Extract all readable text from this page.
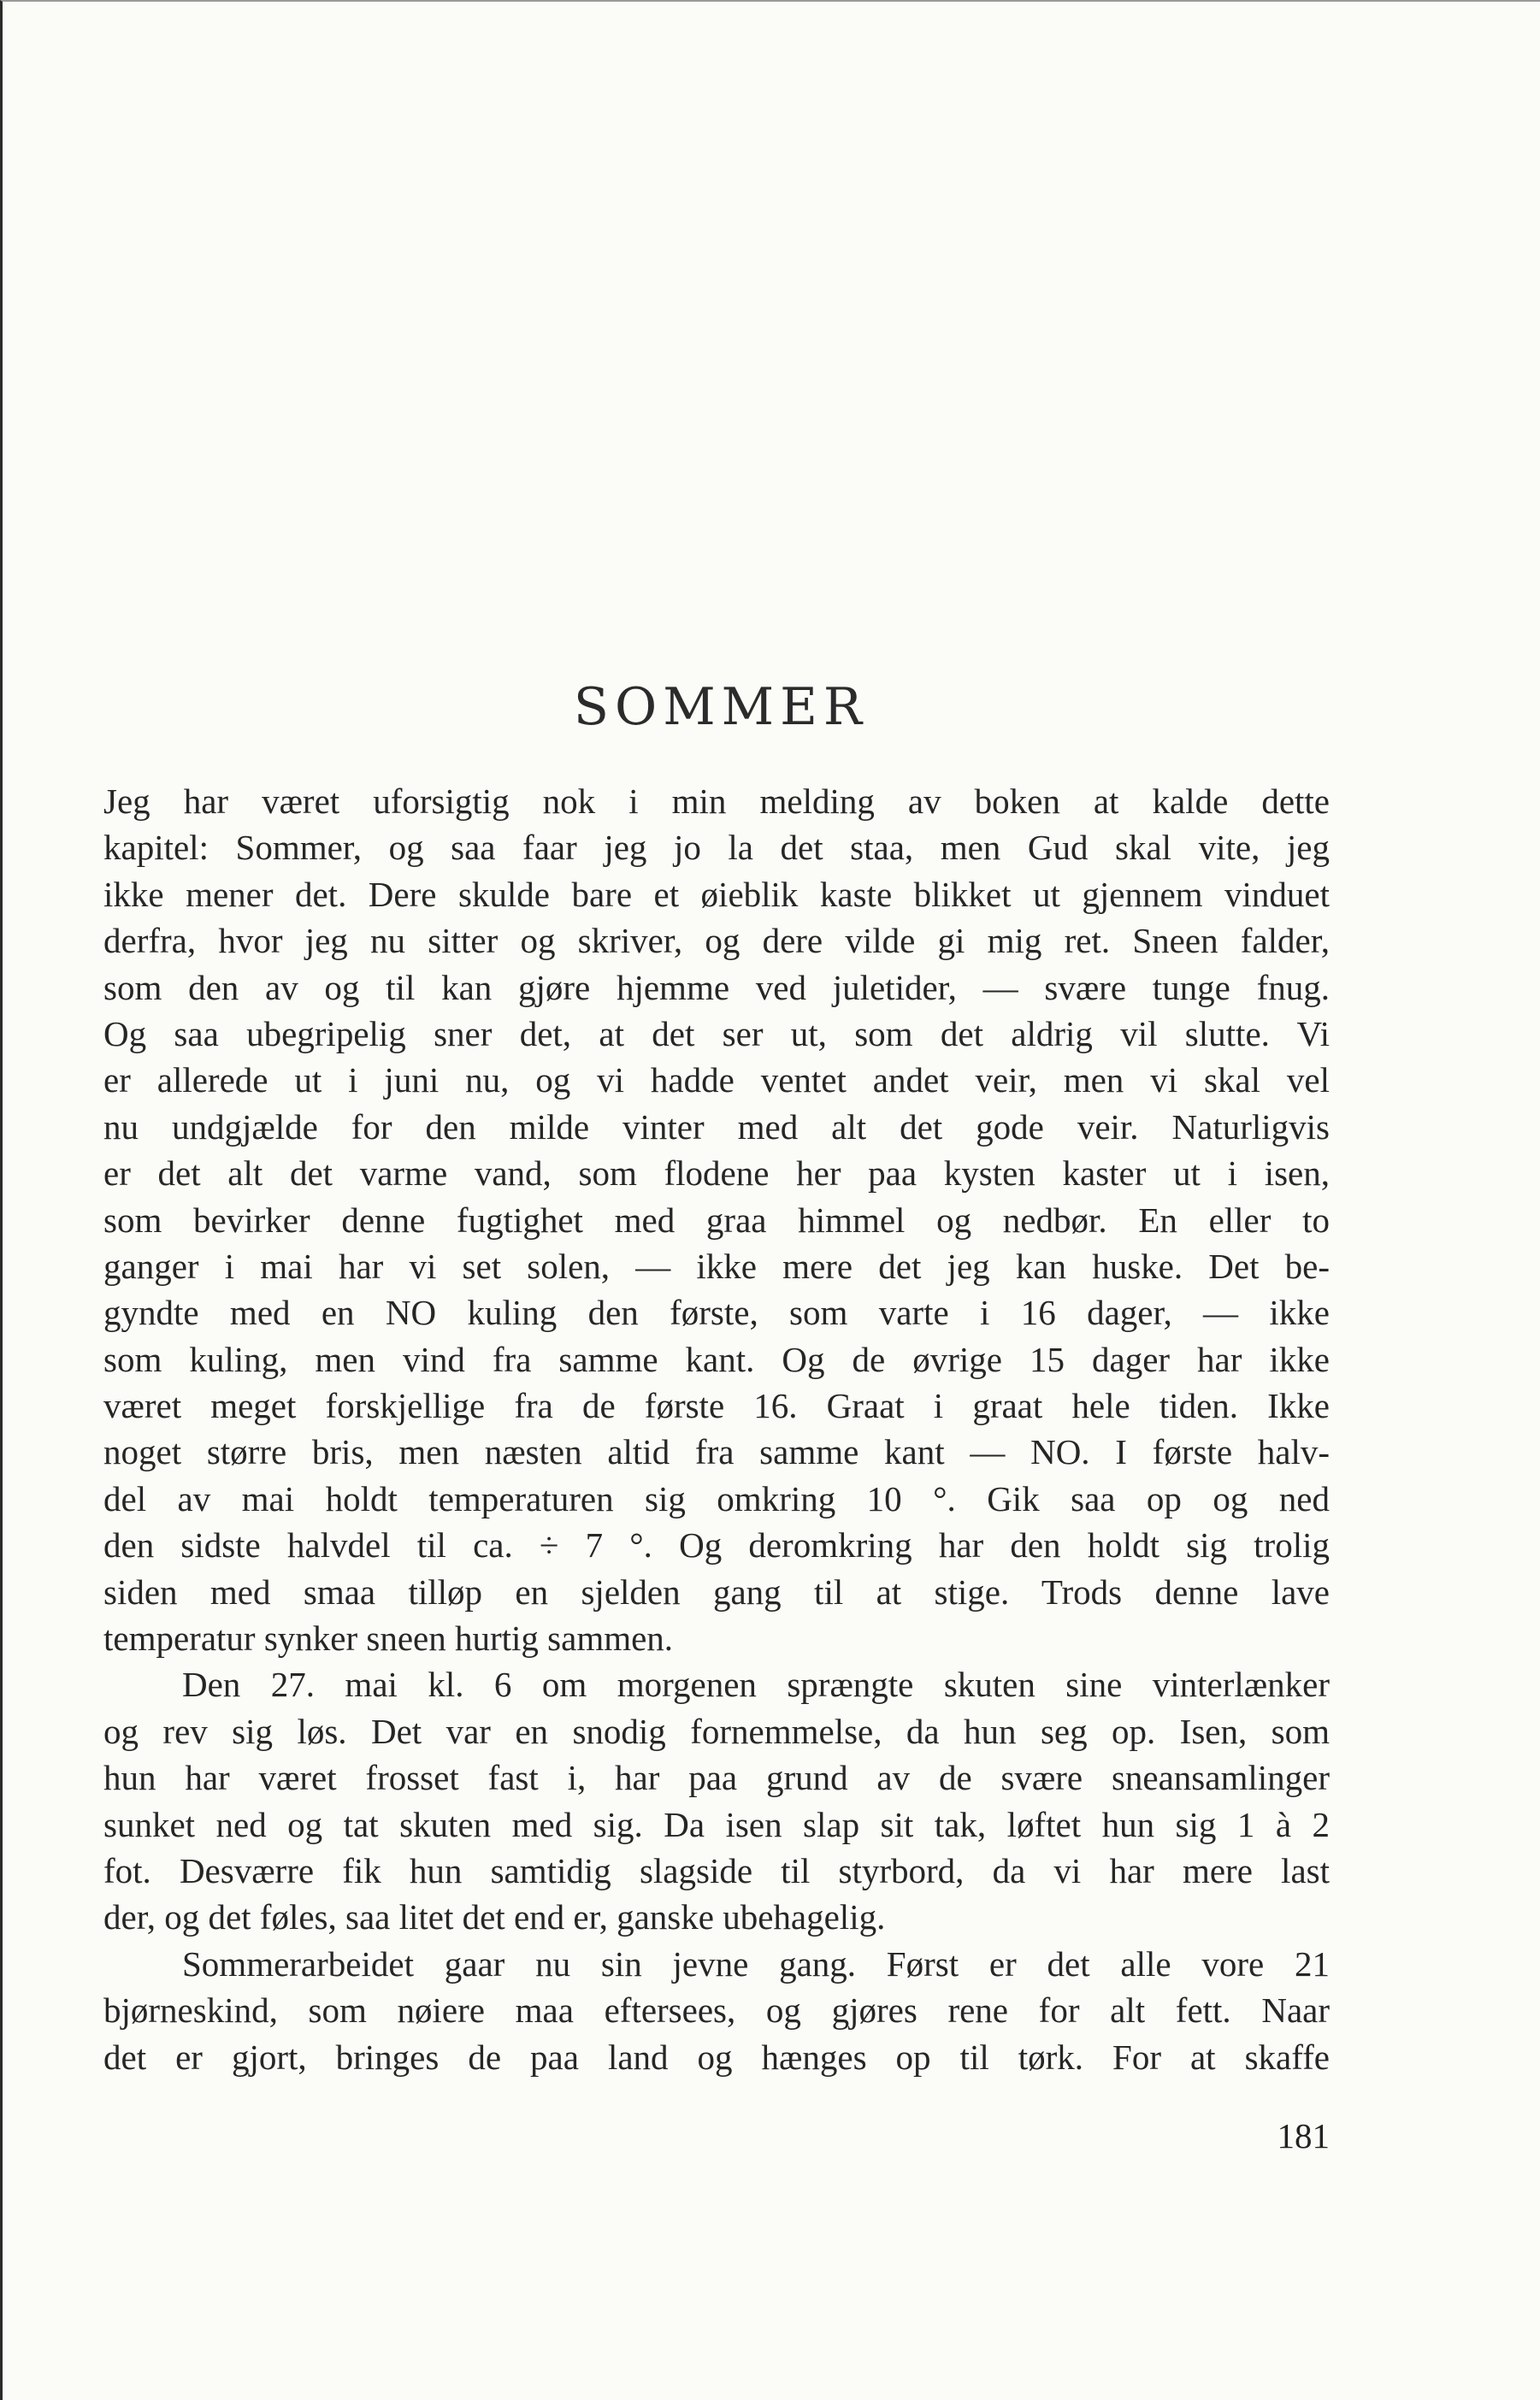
SOMMER
Jeg har været uforsigtig nok i min melding av boken at kalde dette
kapitel: Sommer, og saa faar jeg jo la det staa, men Gud skal vite, jeg
ikke mener det. Dere skulde bare et øieblik kaste blikket ut gjennem vinduet
derfra, hvor jeg nu sitter og skriver, og dere vilde gi mig ret. Sneen falder,
som den av og til kan gjøre hjemme ved juletider, — svære tunge fnug.
Og saa ubegripelig sner det, at det ser ut, som det aldrig vil slutte. Vi
er allerede ut i juni nu, og vi hadde ventet andet veir, men vi skal vel
nu undgjælde for den milde vinter med alt det gode veir. Naturligvis
er det alt det varme vand, som flodene her paa kysten kaster ut i isen,
som bevirker denne fugtighet med graa himmel og nedbør. En eller to
ganger i mai har vi set solen, — ikke mere det jeg kan huske. Det be-
gyndte med en NO kuling den første, som varte i 16 dager, — ikke
som kuling, men vind fra samme kant. Og de øvrige 15 dager har ikke
været meget forskjellige fra de første 16. Graat i graat hele tiden. Ikke
noget større bris, men næsten altid fra samme kant — NO. I første halv-
del av mai holdt temperaturen sig omkring 10 °. Gik saa op og ned
den sidste halvdel til ca. ÷ 7 °. Og deromkring har den holdt sig trolig
siden med smaa tilløp en sjelden gang til at stige. Trods denne lave
temperatur synker sneen hurtig sammen.
Den 27. mai kl. 6 om morgenen sprængte skuten sine vinterlænker
og rev sig løs. Det var en snodig fornemmelse, da hun seg op. Isen, som
hun har været frosset fast i, har paa grund av de svære sneansamlinger
sunket ned og tat skuten med sig. Da isen slap sit tak, løftet hun sig 1 à 2
fot. Desværre fik hun samtidig slagside til styrbord, da vi har mere last
der, og det føles, saa litet det end er, ganske ubehagelig.
Sommerarbeidet gaar nu sin jevne gang. Først er det alle vore 21
bjørneskind, som nøiere maa eftersees, og gjøres rene for alt fett. Naar
det er gjort, bringes de paa land og hænges op til tørk. For at skaffe
181
